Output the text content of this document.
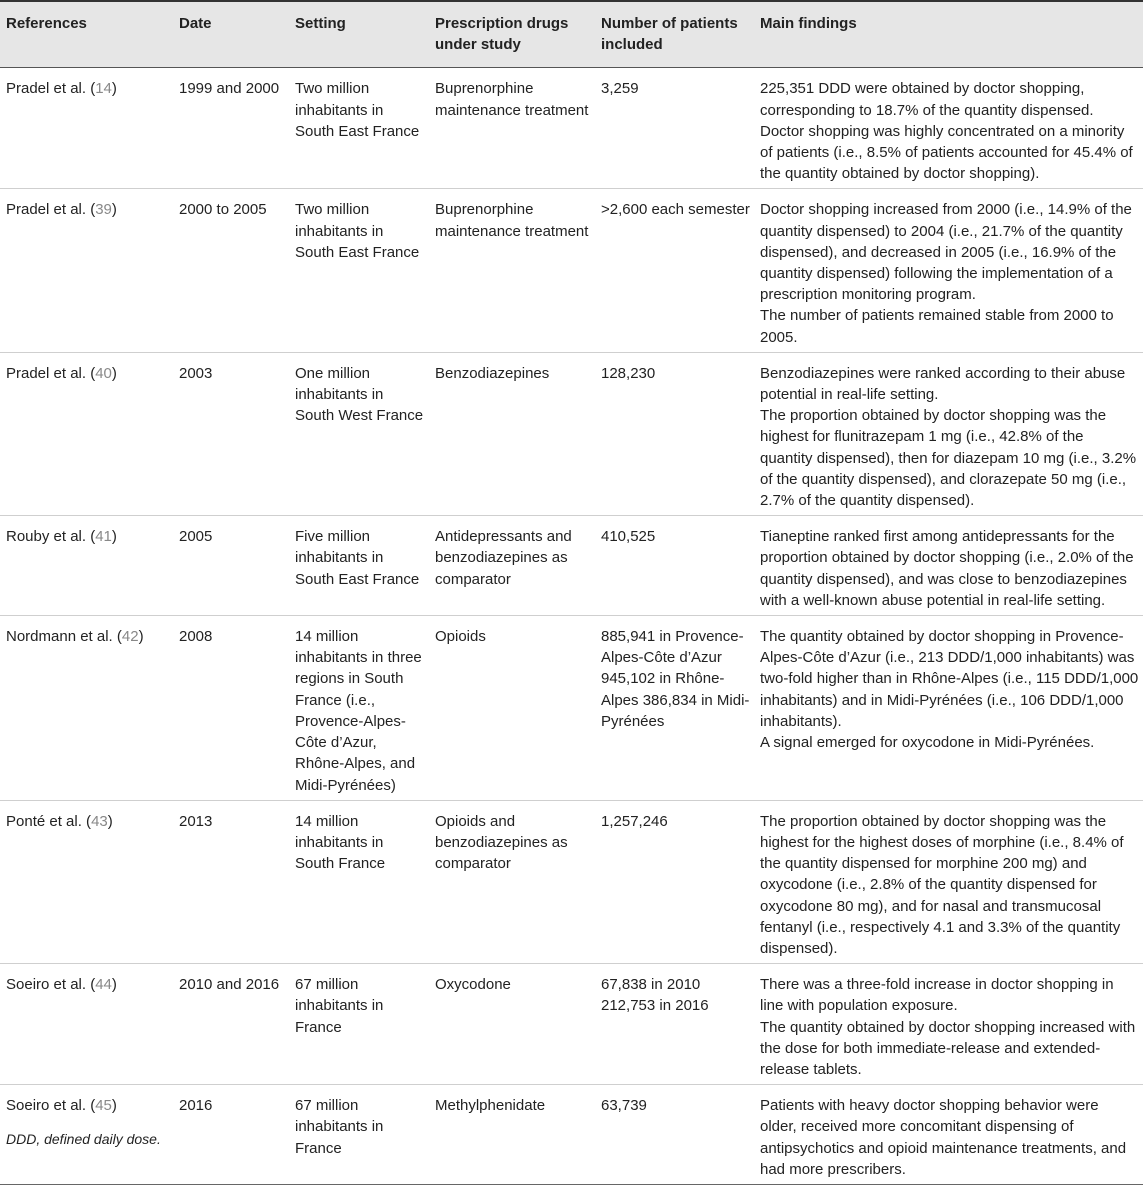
References	Date	Setting	Prescription drugs under study	Number of patients included	Main findings
Pradel et al. (14)	1999 and 2000	Two million inhabitants in South East France	Buprenorphine maintenance treatment	3,259	225,351 DDD were obtained by doctor shopping, corresponding to 18.7% of the quantity dispensed.

Doctor shopping was highly concentrated on a minority of patients (i.e., 8.5% of patients accounted for 45.4% of the quantity obtained by doctor shopping).

Pradel et al. (39)	2000 to 2005	Two million inhabitants in South East France	Buprenorphine maintenance treatment	>2,600 each semester	Doctor shopping increased from 2000 (i.e., 14.9% of the quantity dispensed) to 2004 (i.e., 21.7% of the quantity dispensed), and decreased in 2005 (i.e., 16.9% of the quantity dispensed) following the implementation of a prescription monitoring program.

The number of patients remained stable from 2000 to 2005.

Pradel et al. (40)	2003	One million inhabitants in South West France	Benzodiazepines	128,230	Benzodiazepines were ranked according to their abuse potential in real-life setting.

The proportion obtained by doctor shopping was the highest for flunitrazepam 1 mg (i.e., 42.8% of the quantity dispensed), then for diazepam 10 mg (i.e., 3.2% of the quantity dispensed), and clorazepate 50 mg (i.e., 2.7% of the quantity dispensed).

Rouby et al. (41)	2005	Five million inhabitants in South East France	Antidepressants and benzodiazepines as comparator	410,525	Tianeptine ranked first among antidepressants for the proportion obtained by doctor shopping (i.e., 2.0% of the quantity dispensed), and was close to benzodiazepines with a well-known abuse potential in real-life setting.

Nordmann et al. (42)	2008	14 million inhabitants in three regions in South France (i.e., Provence-Alpes-Côte d’Azur, Rhône-Alpes, and Midi-Pyrénées)	Opioids	885,941 in Provence-Alpes-Côte d’Azur 945,102 in Rhône-Alpes 386,834 in Midi-Pyrénées	The quantity obtained by doctor shopping in Provence-Alpes-Côte d’Azur (i.e., 213 DDD/1,000 inhabitants) was two-fold higher than in Rhône-Alpes (i.e., 115 DDD/1,000 inhabitants) and in Midi-Pyrénées (i.e., 106 DDD/1,000 inhabitants).

A signal emerged for oxycodone in Midi-Pyrénées.

Ponté et al. (43)	2013	14 million inhabitants in South France	Opioids and benzodiazepines as comparator	1,257,246	The proportion obtained by doctor shopping was the highest for the highest doses of morphine (i.e., 8.4% of the quantity dispensed for morphine 200 mg) and oxycodone (i.e., 2.8% of the quantity dispensed for oxycodone 80 mg), and for nasal and transmucosal fentanyl (i.e., respectively 4.1 and 3.3% of the quantity dispensed).

Soeiro et al. (44)	2010 and 2016	67 million inhabitants in France	Oxycodone	67,838 in 2010 212,753 in 2016	There was a three-fold increase in doctor shopping in line with population exposure.

The quantity obtained by doctor shopping increased with the dose for both immediate-release and extended-release tablets.

Soeiro et al. (45)	2016	67 million inhabitants in France	Methylphenidate	63,739	Patients with heavy doctor shopping behavior were older, received more concomitant dispensing of antipsychotics and opioid maintenance treatments, and had more prescribers.

DDD, defined daily dose.
